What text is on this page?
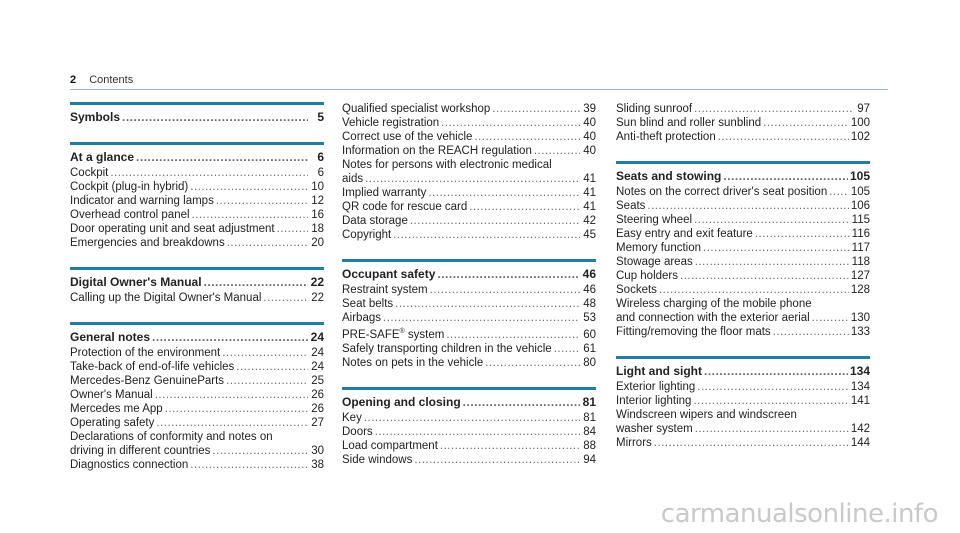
2 Contents
Symbols .....	5
At a glance .....	6
Cockpit .....	6
Cockpit (plug-in hybrid) .....	10
Indicator and warning lamps .....	12
Overhead control panel .....	16
Door operating unit and seat adjustment .....	18
Emergencies and breakdowns .....	20
Digital Owner's Manual .....	22
Calling up the Digital Owner's Manual .....	22
General notes .....	24
Protection of the environment .....	24
Take-back of end-of-life vehicles .....	24
Mercedes-Benz GenuineParts .....	25
Owner's Manual .....	26
Mercedes me App .....	26
Operating safety .....	27
Declarations of conformity and notes on
driving in different countries .....	30
Diagnostics connection .....	38
Qualified specialist workshop .....	39
Vehicle registration .....	40
Correct use of the vehicle .....	40
Information on the REACH regulation .....	40
Notes for persons with electronic medical
aids .....	41
Implied warranty .....	41
QR code for rescue card .....	41
Data storage .....	42
Copyright .....	45
Occupant safety .....	46
Restraint system .....	46
Seat belts .....	48
Airbags .....	53
PRE-SAFE® system .....	60
Safely transporting children in the vehicle .....	61
Notes on pets in the vehicle .....	80
Opening and closing .....	81
Key .....	81
Doors .....	84
Load compartment .....	88
Side windows .....	94
Sliding sunroof .....	97
Sun blind and roller sunblind .....	100
Anti-theft protection .....	102
Seats and stowing .....	105
Notes on the correct driver's seat position ..... 105
Seats .....	106
Steering wheel .....	115
Easy entry and exit feature .....	116
Memory function .....	117
Stowage areas .....	118
Cup holders .....	127
Sockets .....	128
Wireless charging of the mobile phone
and connection with the exterior aerial .....	130
Fitting/removing the floor mats .....	133
Light and sight .....	134
Exterior lighting .....	134
Interior lighting .....	141
Windscreen wipers and windscreen
washer system .....	142
Mirrors .....	144
carmanualsonline.info
